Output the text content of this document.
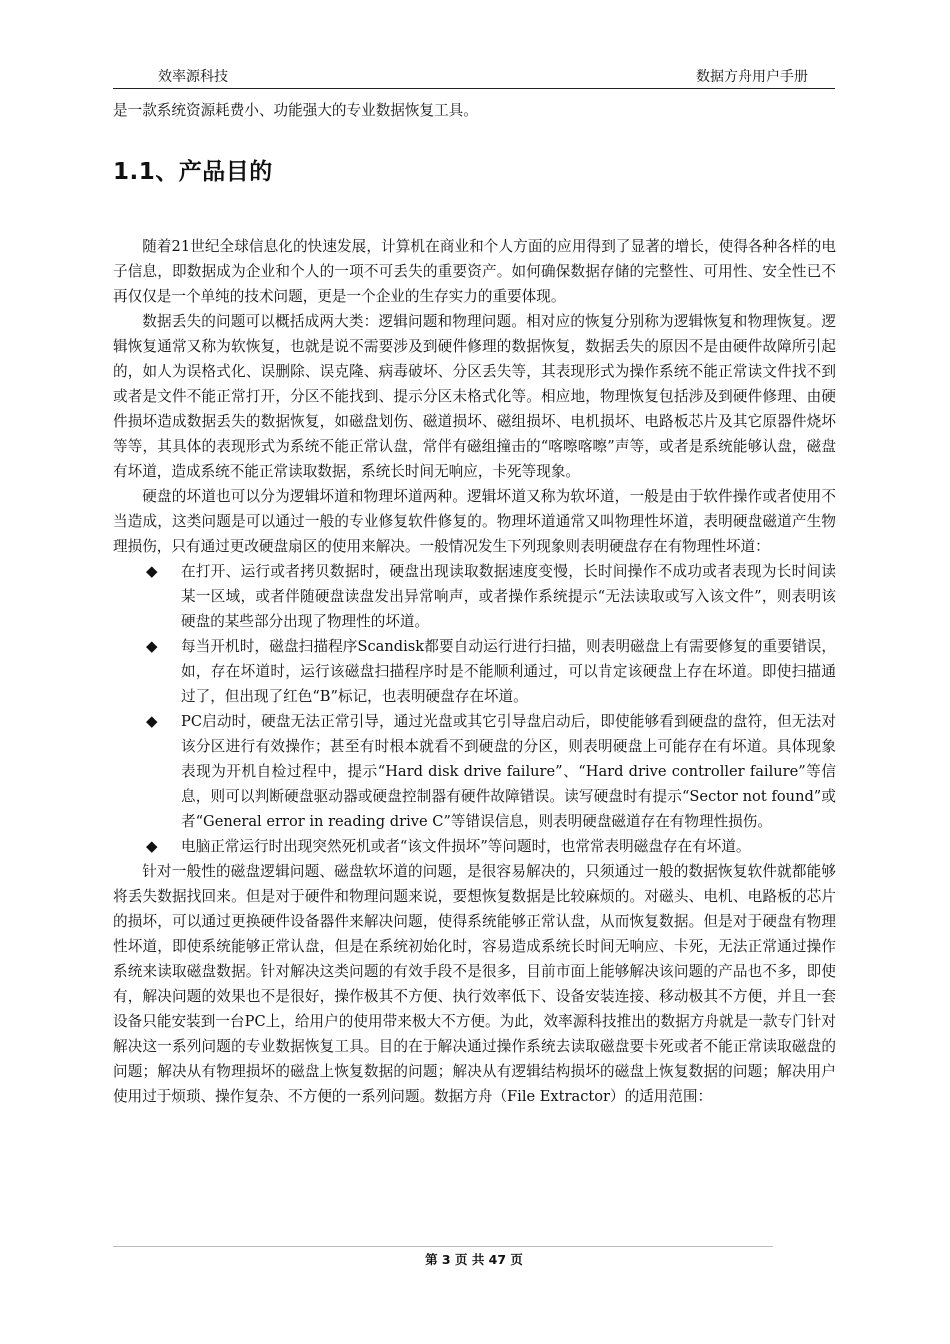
效率源科技	数据方舟用户手册

是一款系统资源耗费小、功能强大的专业数据恢复工具。

1.1、产品目的

随着21世纪全球信息化的快速发展，计算机在商业和个人方面的应用得到了显著的增长，使得各种各样的电子信息，即数据成为企业和个人的一项不可丢失的重要资产。如何确保数据存储的完整性、可用性、安全性已不再仅仅是一个单纯的技术问题，更是一个企业的生存实力的重要体现。

数据丢失的问题可以概括成两大类：逻辑问题和物理问题。相对应的恢复分别称为逻辑恢复和物理恢复。逻辑恢复通常又称为软恢复，也就是说不需要涉及到硬件修理的数据恢复，数据丢失的原因不是由硬件故障所引起的，如人为误格式化、误删除、误克隆、病毒破坏、分区丢失等，其表现形式为操作系统不能正常读文件找不到或者是文件不能正常打开，分区不能找到、提示分区未格式化等。相应地，物理恢复包括涉及到硬件修理、由硬件损坏造成数据丢失的数据恢复，如磁盘划伤、磁道损坏、磁组损坏、电机损坏、电路板芯片及其它原器件烧坏等等，其具体的表现形式为系统不能正常认盘，常伴有磁组撞击的“喀嚓喀嚓”声等，或者是系统能够认盘，磁盘有坏道，造成系统不能正常读取数据，系统长时间无响应，卡死等现象。

硬盘的坏道也可以分为逻辑坏道和物理坏道两种。逻辑坏道又称为软坏道，一般是由于软件操作或者使用不当造成，这类问题是可以通过一般的专业修复软件修复的。物理坏道通常又叫物理性坏道，表明硬盘磁道产生物理损伤，只有通过更改硬盘扇区的使用来解决。一般情况发生下列现象则表明硬盘存在有物理性坏道：

◆ 在打开、运行或者拷贝数据时，硬盘出现读取数据速度变慢，长时间操作不成功或者表现为长时间读某一区域，或者伴随硬盘读盘发出异常响声，或者操作系统提示“无法读取或写入该文件”，则表明该硬盘的某些部分出现了物理性的坏道。
◆ 每当开机时，磁盘扫描程序Scandisk都要自动运行进行扫描，则表明磁盘上有需要修复的重要错误，如，存在坏道时，运行该磁盘扫描程序时是不能顺利通过，可以肯定该硬盘上存在坏道。即使扫描通过了，但出现了红色“B”标记，也表明硬盘存在坏道。
◆ PC启动时，硬盘无法正常引导，通过光盘或其它引导盘启动后，即使能够看到硬盘的盘符，但无法对该分区进行有效操作；甚至有时根本就看不到硬盘的分区，则表明硬盘上可能存在有坏道。具体现象表现为开机自检过程中，提示“Hard disk drive failure”、“Hard drive controller failure”等信息，则可以判断硬盘驱动器或硬盘控制器有硬件故障错误。读写硬盘时有提示“Sector not found”或者“General error in reading drive C”等错误信息，则表明硬盘磁道存在有物理性损伤。
◆ 电脑正常运行时出现突然死机或者“该文件损坏”等问题时，也常常表明磁盘存在有坏道。

针对一般性的磁盘逻辑问题、磁盘软坏道的问题，是很容易解决的，只须通过一般的数据恢复软件就都能够将丢失数据找回来。但是对于硬件和物理问题来说，要想恢复数据是比较麻烦的。对磁头、电机、电路板的芯片的损坏，可以通过更换硬件设备器件来解决问题，使得系统能够正常认盘，从而恢复数据。但是对于硬盘有物理性坏道，即使系统能够正常认盘，但是在系统初始化时，容易造成系统长时间无响应、卡死，无法正常通过操作系统来读取磁盘数据。针对解决这类问题的有效手段不是很多，目前市面上能够解决该问题的产品也不多，即使有，解决问题的效果也不是很好，操作极其不方便、执行效率低下、设备安装连接、移动极其不方便，并且一套设备只能安装到一台PC上，给用户的使用带来极大不方便。为此，效率源科技推出的数据方舟就是一款专门针对解决这一系列问题的专业数据恢复工具。目的在于解决通过操作系统去读取磁盘要卡死或者不能正常读取磁盘的问题；解决从有物理损坏的磁盘上恢复数据的问题；解决从有逻辑结构损坏的磁盘上恢复数据的问题；解决用户使用过于烦琐、操作复杂、不方便的一系列问题。数据方舟（File Extractor）的适用范围：

第 3 页 共 47 页
